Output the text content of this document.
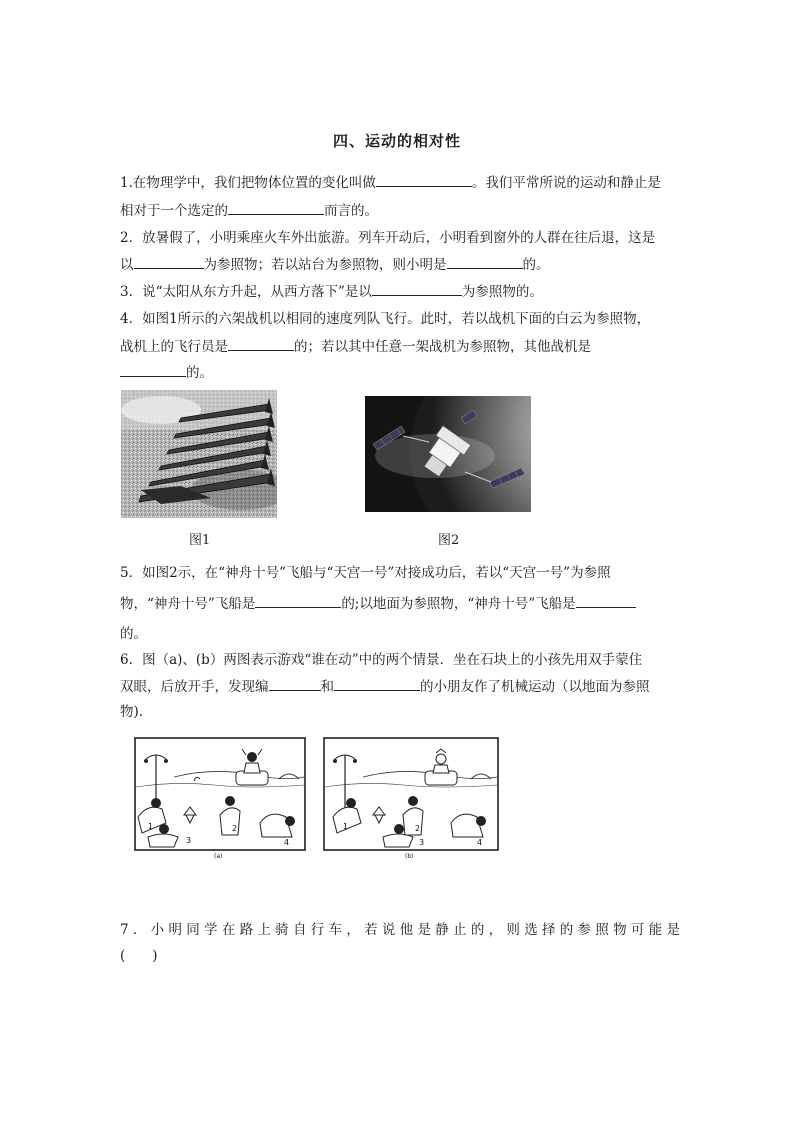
四、运动的相对性
1.在物理学中，我们把物体位置的变化叫做	。我们平常所说的运动和静止是
相对于一个选定的	而言的。
2．放暑假了，小明乘座火车外出旅游。列车开动后，小明看到窗外的人群在往后退，这是
以	为参照物；若以站台为参照物，则小明是	的。
3．说“太阳从东方升起，从西方落下”是以	为参照物的。
4．如图1所示的六架战机以相同的速度列队飞行。此时，若以战机下面的白云为参照物，
战机上的飞行员是	的；若以其中任意一架战机为参照物，其他战机是
的。
图1	图2
5．如图2示，在“神舟十号”飞船与“天宫一号”对接成功后，若以“天宫一号”为参照
物，“神舟十号”飞船是	的;以地面为参照物，“神舟十号”飞船是
的。
6．图（a)、(b）两图表示游戏“谁在动”中的两个情景．坐在石块上的小孩先用双手蒙住
双眼，后放开手，发现编	和	的小朋友作了机械运动（以地面为参照
物).
1	2
3	4
(a)
1	2
3	4
(b)
7．小明同学在路上骑自行车，若说他是静止的，则选择的参照物可能是
(　　)
